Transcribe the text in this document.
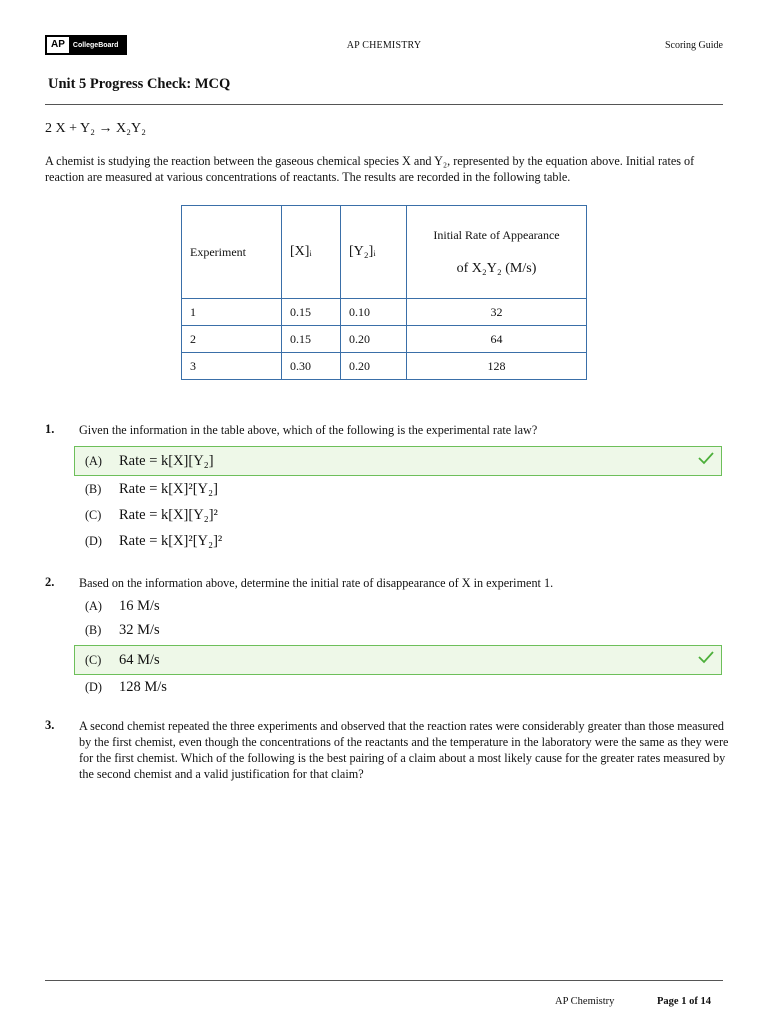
AP	CollegeBoard	AP CHEMISTRY	Scoring Guide
Unit 5 Progress Check: MCQ
2 X + Y₂ → X₂Y₂
A chemist is studying the reaction between the gaseous chemical species X and Y₂, represented by the equation above. Initial rates of reaction are measured at various concentrations of reactants. The results are recorded in the following table.
Experiment	[X]ᵢ	[Y₂]ᵢ	Initial Rate of Appearance
of X₂Y₂ (M/s)

1	0.15	0.10	32
2	0.15	0.20	64
3	0.30	0.20	128
1. Given the information in the table above, which of the following is the experimental rate law?
(A)	Rate = k[X][Y₂]
(B)	Rate = k[X]²[Y₂]
(C)	Rate = k[X][Y₂]²
(D)	Rate = k[X]²[Y₂]²
2. Based on the information above, determine the initial rate of disappearance of X in experiment 1.
(A)	16 M/s
(B)	32 M/s
(C)	64 M/s
(D)	128 M/s
3. A second chemist repeated the three experiments and observed that the reaction rates were considerably greater than those measured by the first chemist, even though the concentrations of the reactants and the temperature in the laboratory were the same as they were for the first chemist. Which of the following is the best pairing of a claim about a most likely cause for the greater rates measured by the second chemist and a valid justification for that claim?
AP Chemistry	Page 1 of 14
